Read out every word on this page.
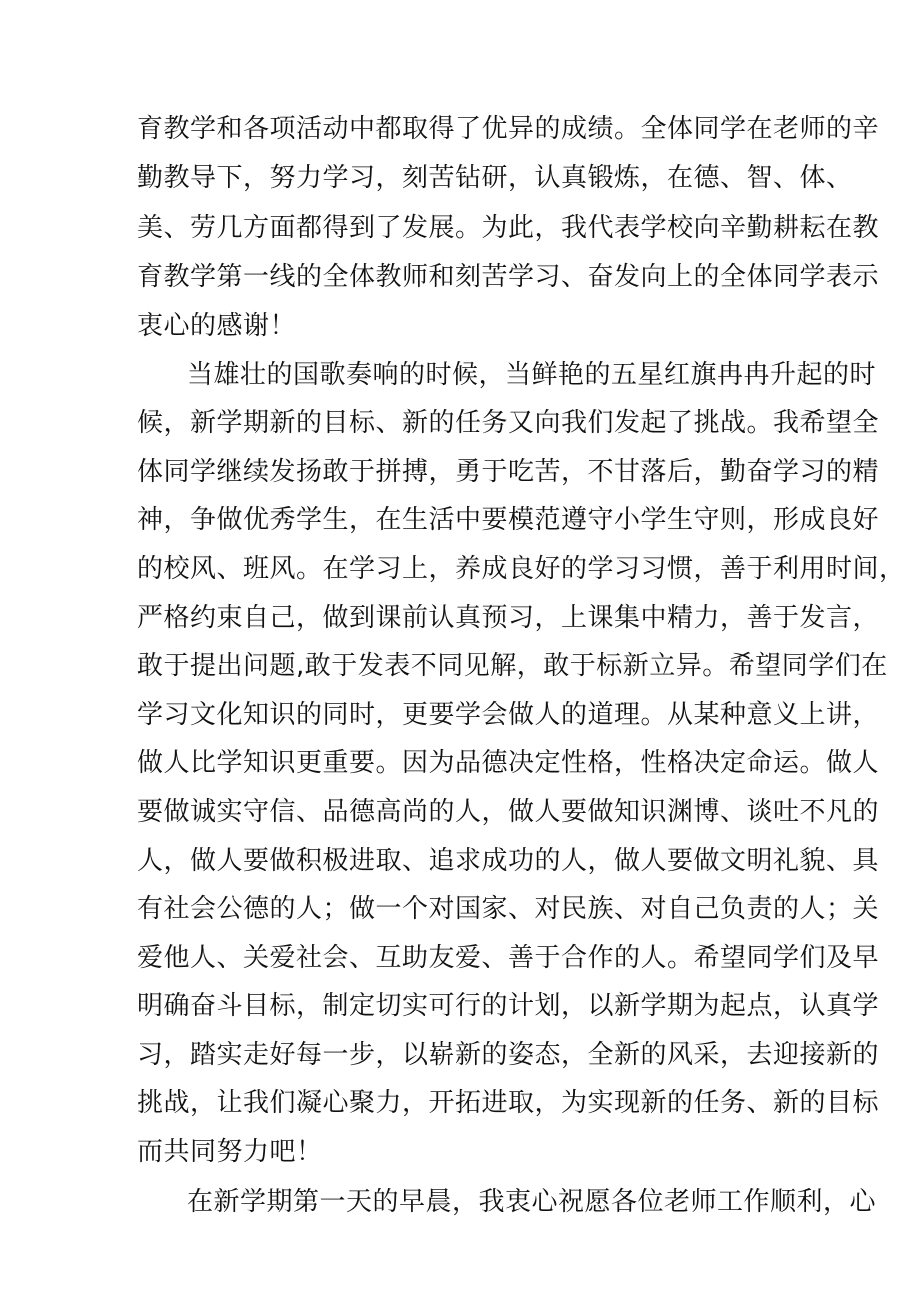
育教学和各项活动中都取得了优异的成绩。全体同学在老师的辛
勤教导下，努力学习，刻苦钻研，认真锻炼，在德、智、体、
美、劳几方面都得到了发展。为此，我代表学校向辛勤耕耘在教
育教学第一线的全体教师和刻苦学习、奋发向上的全体同学表示
衷心的感谢！
当雄壮的国歌奏响的时候，当鲜艳的五星红旗冉冉升起的时
候，新学期新的目标、新的任务又向我们发起了挑战。我希望全
体同学继续发扬敢于拼搏，勇于吃苦，不甘落后，勤奋学习的精
神，争做优秀学生，在生活中要模范遵守小学生守则，形成良好
的校风、班风。在学习上，养成良好的学习习惯，善于利用时间，
严格约束自己，做到课前认真预习，上课集中精力，善于发言，
敢于提出问题,敢于发表不同见解，敢于标新立异。希望同学们在
学习文化知识的同时，更要学会做人的道理。从某种意义上讲，
做人比学知识更重要。因为品德决定性格，性格决定命运。做人
要做诚实守信、品德高尚的人，做人要做知识渊博、谈吐不凡的
人，做人要做积极进取、追求成功的人，做人要做文明礼貌、具
有社会公德的人；做一个对国家、对民族、对自己负责的人；关
爱他人、关爱社会、互助友爱、善于合作的人。希望同学们及早
明确奋斗目标，制定切实可行的计划，以新学期为起点，认真学
习，踏实走好每一步，以崭新的姿态，全新的风采，去迎接新的
挑战，让我们凝心聚力，开拓进取，为实现新的任务、新的目标
而共同努力吧！
在新学期第一天的早晨，我衷心祝愿各位老师工作顺利，心
